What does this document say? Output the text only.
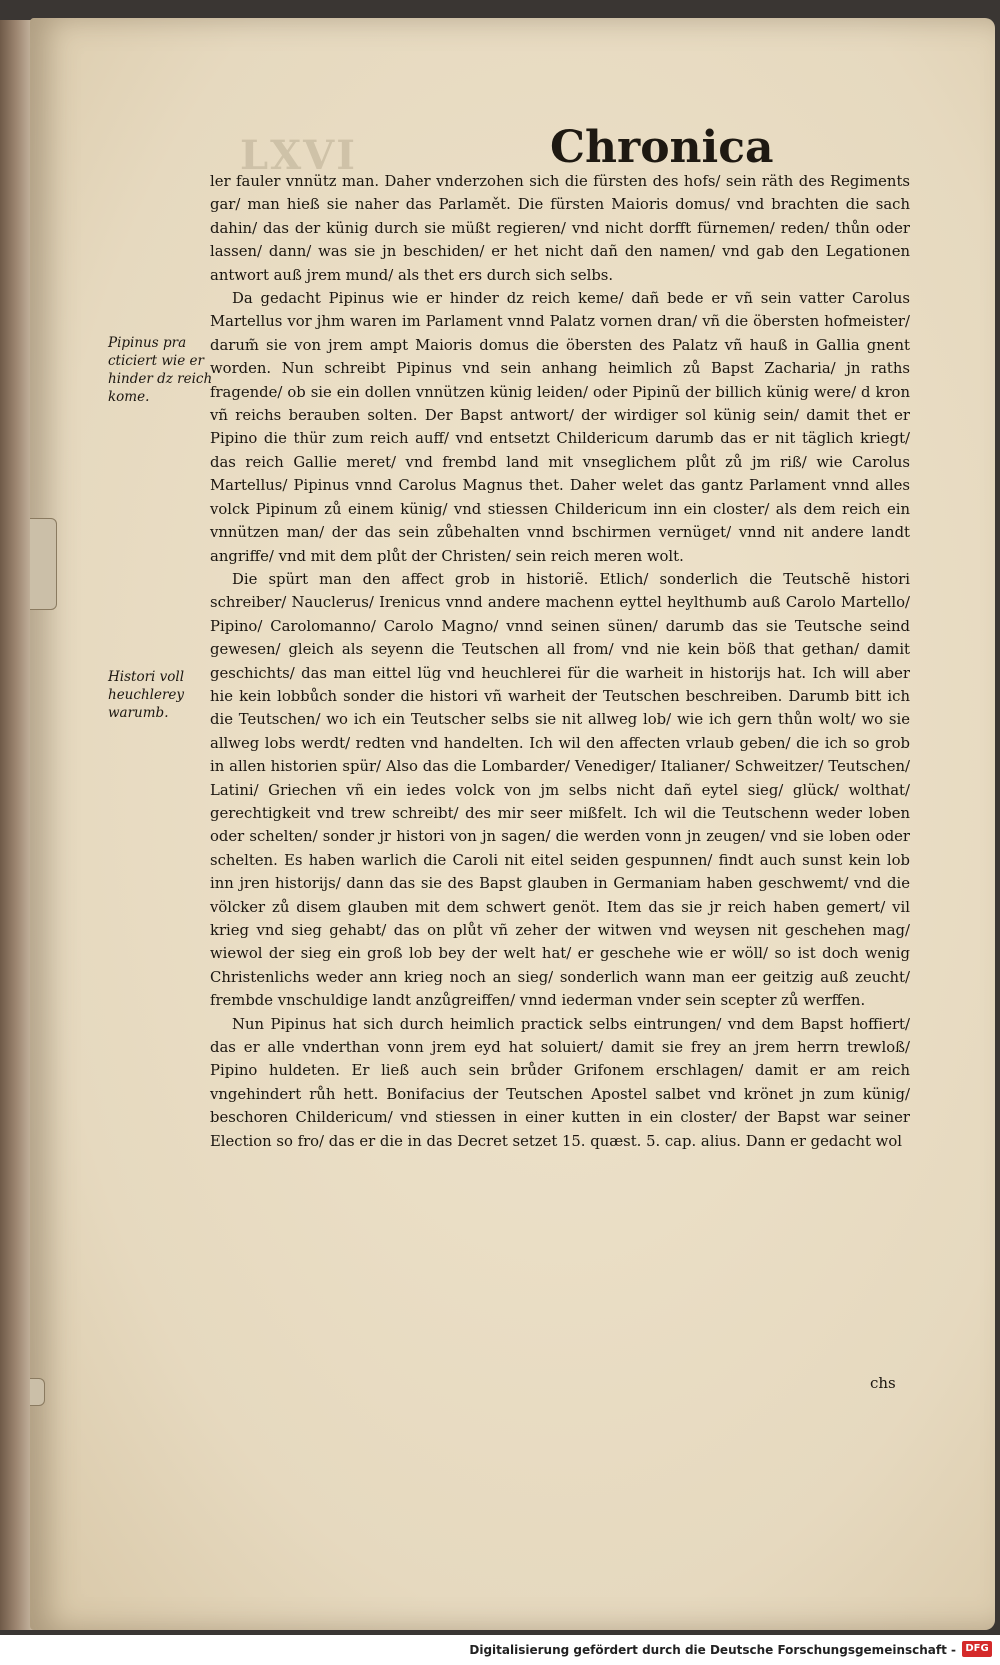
LXVI	Chronica
Pipinus pra cticiert wie er hinder dz reich kome.
Histori voll heuchlerey warumb.

ler fauler vnnütz man. Daher vnderzohen sich die fürsten des hofs/ sein räth des Regiments gar/ man hieß sie naher das Parlamět. Die fürsten Maioris domus/ vnd brachten die sach dahin/ das der künig durch sie müßt regieren/ vnd nicht dorfft fürnemen/ reden/ thůn oder lassen/ dann/ was sie jn beschiden/ er het nicht dañ den namen/ vnd gab den Legationen antwort auß jrem mund/ als thet ers durch sich selbs.

Da gedacht Pipinus wie er hinder dz reich keme/ dañ bede er vñ sein vatter Carolus Martellus vor jhm waren im Parlament vnnd Palatz vornen dran/ vñ die öbersten hofmeister/ darum̃ sie von jrem ampt Maioris domus die öbersten des Palatz vñ hauß in Gallia gnent worden. Nun schreibt Pipinus vnd sein anhang heimlich zů Bapst Zacharia/ jn raths fragende/ ob sie ein dollen vnnützen künig leiden/ oder Pipinũ der billich künig were/ d kron vñ reichs berauben solten. Der Bapst antwort/ der wirdiger sol künig sein/ damit thet er Pipino die thür zum reich auff/ vnd entsetzt Childericum darumb das er nit täglich kriegt/ das reich Gallie meret/ vnd frembd land mit vnseglichem plůt zů jm riß/ wie Carolus Martellus/ Pipinus vnnd Carolus Magnus thet. Daher welet das gantz Parlament vnnd alles volck Pipinum zů einem künig/ vnd stiessen Childericum inn ein closter/ als dem reich ein vnnützen man/ der das sein zůbehalten vnnd bschirmen vernüget/ vnnd nit andere landt angriffe/ vnd mit dem plůt der Christen/ sein reich meren wolt.

Die spürt man den affect grob in historiẽ. Etlich/ sonderlich die Teutschẽ histori schreiber/ Nauclerus/ Irenicus vnnd andere machenn eyttel heylthumb auß Carolo Martello/ Pipino/ Carolomanno/ Carolo Magno/ vnnd seinen sünen/ darumb das sie Teutsche seind gewesen/ gleich als seyenn die Teutschen all from/ vnd nie kein böß that gethan/ damit geschichts/ das man eittel lüg vnd heuchlerei für die warheit in historijs hat. Ich will aber hie kein lobbůch sonder die histori vñ warheit der Teutschen beschreiben. Darumb bitt ich die Teutschen/ wo ich ein Teutscher selbs sie nit allweg lob/ wie ich gern thůn wolt/ wo sie allweg lobs werdt/ redten vnd handelten. Ich wil den affecten vrlaub geben/ die ich so grob in allen historien spür/ Also das die Lombarder/ Venediger/ Italianer/ Schweitzer/ Teutschen/ Latini/ Griechen vñ ein iedes volck von jm selbs nicht dañ eytel sieg/ glück/ wolthat/ gerechtigkeit vnd trew schreibt/ des mir seer mißfelt. Ich wil die Teutschenn weder loben oder schelten/ sonder jr histori von jn sagen/ die werden vonn jn zeugen/ vnd sie loben oder schelten. Es haben warlich die Caroli nit eitel seiden gespunnen/ findt auch sunst kein lob inn jren historijs/ dann das sie des Bapst glauben in Germaniam haben geschwemt/ vnd die völcker zů disem glauben mit dem schwert genöt. Item das sie jr reich haben gemert/ vil krieg vnd sieg gehabt/ das on plůt vñ zeher der witwen vnd weysen nit geschehen mag/ wiewol der sieg ein groß lob bey der welt hat/ er geschehe wie er wöll/ so ist doch wenig Christenlichs weder ann krieg noch an sieg/ sonderlich wann man eer geitzig auß zeucht/ frembde vnschuldige landt anzůgreiffen/ vnnd iederman vnder sein scepter zů werffen.

Nun Pipinus hat sich durch heimlich practick selbs eintrungen/ vnd dem Bapst hoffiert/ das er alle vnderthan vonn jrem eyd hat soluiert/ damit sie frey an jrem herrn trewloß/ Pipino huldeten. Er ließ auch sein brůder Grifonem erschlagen/ damit er am reich vngehindert růh hett. Bonifacius der Teutschen Apostel salbet vnd krönet jn zum künig/ beschoren Childericum/ vnd stiessen in einer kutten in ein closter/ der Bapst war seiner Election so fro/ das er die in das Decret setzet 15. quæst. 5. cap. alius. Dann er gedacht wol

chs
Digitalisierung gefördert durch die Deutsche Forschungsgemeinschaft - DFG
